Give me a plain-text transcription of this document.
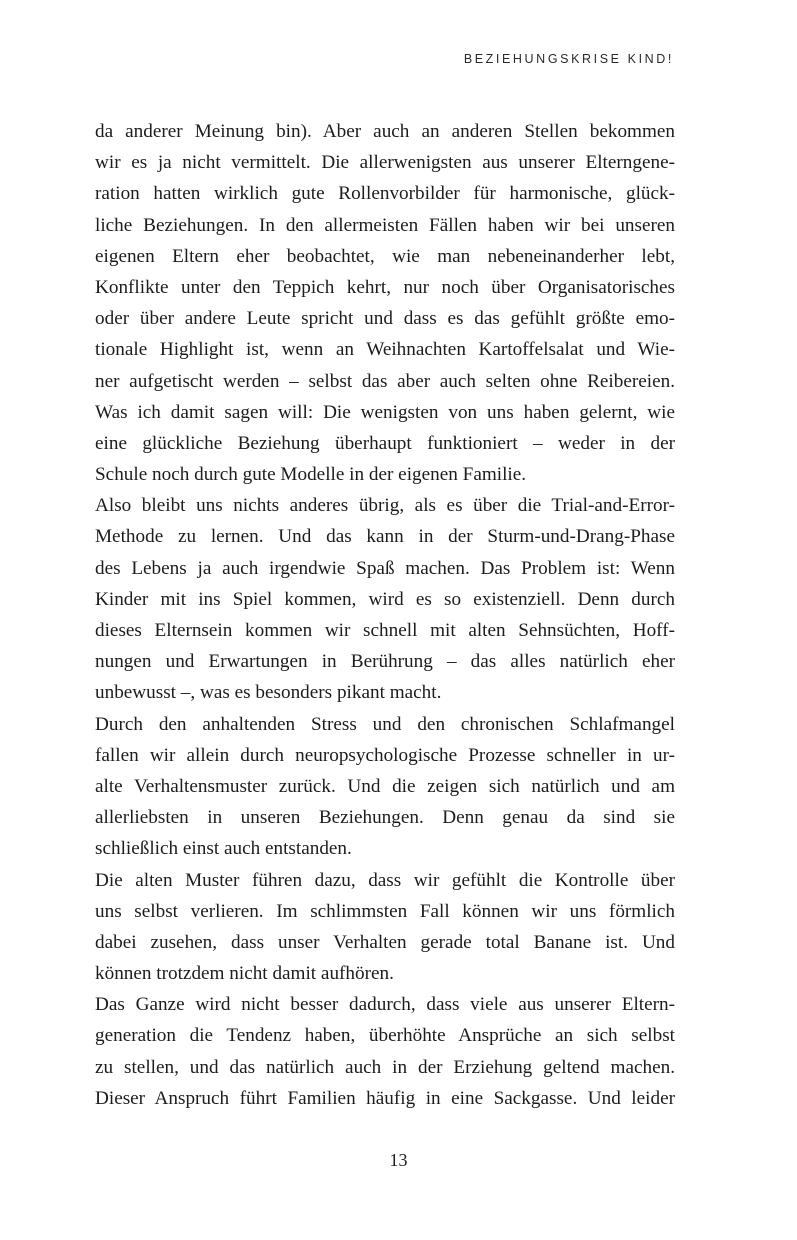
BEZIEHUNGSKRISE KIND!
da anderer Meinung bin). Aber auch an anderen Stellen bekommen
wir es ja nicht vermittelt. Die allerwenigsten aus unserer Elterngene-
ration hatten wirklich gute Rollenvorbilder für harmonische, glück-
liche Beziehungen. In den allermeisten Fällen haben wir bei unseren
eigenen Eltern eher beobachtet, wie man nebeneinanderher lebt,
Konflikte unter den Teppich kehrt, nur noch über Organisatorisches
oder über andere Leute spricht und dass es das gefühlt größte emo-
tionale Highlight ist, wenn an Weihnachten Kartoffelsalat und Wie-
ner aufgetischt werden – selbst das aber auch selten ohne Reibereien.
Was ich damit sagen will: Die wenigsten von uns haben gelernt, wie
eine glückliche Beziehung überhaupt funktioniert – weder in der
Schule noch durch gute Modelle in der eigenen Familie.
Also bleibt uns nichts anderes übrig, als es über die Trial-and-Error-
Methode zu lernen. Und das kann in der Sturm-und-Drang-Phase
des Lebens ja auch irgendwie Spaß machen. Das Problem ist: Wenn
Kinder mit ins Spiel kommen, wird es so existenziell. Denn durch
dieses Elternsein kommen wir schnell mit alten Sehnsüchten, Hoff-
nungen und Erwartungen in Berührung – das alles natürlich eher
unbewusst –, was es besonders pikant macht.
Durch den anhaltenden Stress und den chronischen Schlafmangel
fallen wir allein durch neuropsychologische Prozesse schneller in ur-
alte Verhaltensmuster zurück. Und die zeigen sich natürlich und am
allerliebsten in unseren Beziehungen. Denn genau da sind sie
schließlich einst auch entstanden.
Die alten Muster führen dazu, dass wir gefühlt die Kontrolle über
uns selbst verlieren. Im schlimmsten Fall können wir uns förmlich
dabei zusehen, dass unser Verhalten gerade total Banane ist. Und
können trotzdem nicht damit aufhören.
Das Ganze wird nicht besser dadurch, dass viele aus unserer Eltern-
generation die Tendenz haben, überhöhte Ansprüche an sich selbst
zu stellen, und das natürlich auch in der Erziehung geltend machen.
Dieser Anspruch führt Familien häufig in eine Sackgasse. Und leider
13
